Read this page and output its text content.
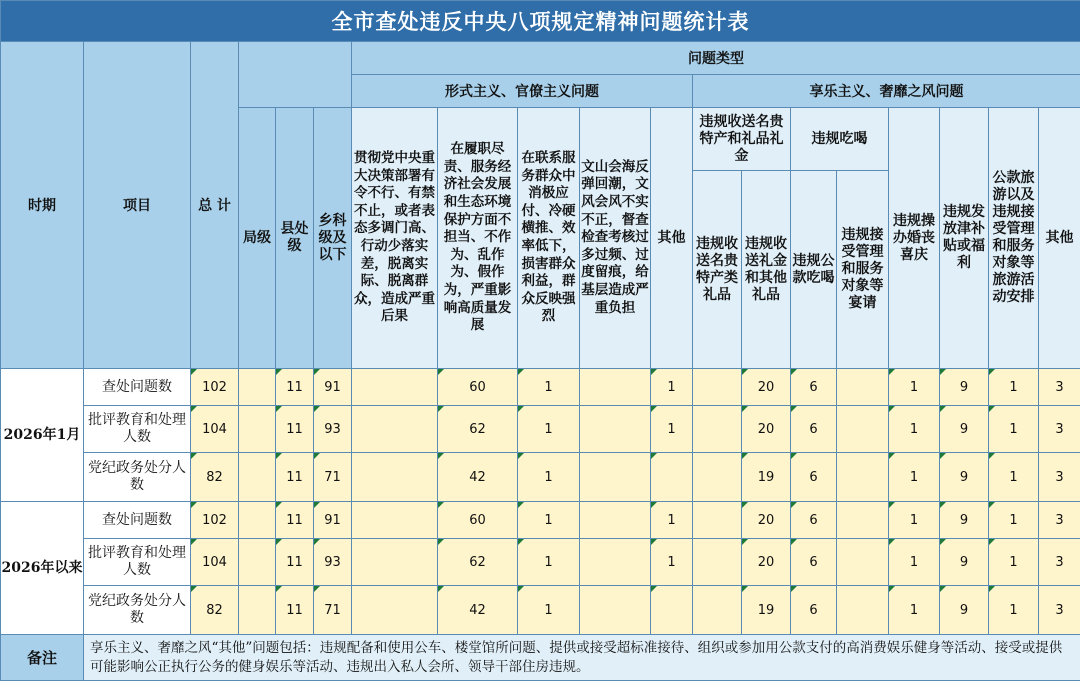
全市查处违反中央八项规定精神问题统计表																		
时期	项目	总 计				问题类型												
						形式主义、官僚主义问题					享乐主义、奢靡之风问题							
			局级	县处级	乡科级及以下	贯彻党中央重大决策部署有令不行、有禁不止，或者表态多调门高、行动少落实差，脱离实际、脱离群众，造成严重后果	在履职尽责、服务经济社会发展和生态环境保护方面不担当、不作为、乱作为、假作为，严重影响高质量发展	在联系服务群众中消极应付、冷硬横推、效率低下，损害群众利益，群众反映强烈	文山会海反弹回潮，文风会风不实不正，督查检查考核过多过频、过度留痕，给基层造成严重负担	其他	违规收送名贵特产和礼品礼金		违规吃喝		违规操办婚丧喜庆	违规发放津补贴或福利	公款旅游以及违规接受管理和服务对象等旅游活动安排	其他
											违规收送名贵特产类礼品	违规收送礼金和其他礼品	违规公款吃喝	违规接受管理和服务对象等宴请				
2026年1月	查处问题数	102		11	91		60	1		1		20	6		1	9	1	3
	批评教育和处理人数	104		11	93		62	1		1		20	6		1	9	1	3
	党纪政务处分人数	82		11	71		42	1				19	6		1	9	1	3
2026年以来	查处问题数	102		11	91		60	1		1		20	6		1	9	1	3
	批评教育和处理人数	104		11	93		62	1		1		20	6		1	9	1	3
	党纪政务处分人数	82		11	71		42	1				19	6		1	9	1	3
备注	享乐主义、奢靡之风“其他”问题包括：违规配备和使用公车、楼堂馆所问题、提供或接受超标准接待、组织或参加用公款支付的高消费娱乐健身等活动、接受或提供可能影响公正执行公务的健身娱乐等活动、违规出入私人会所、领导干部住房违规。																	
